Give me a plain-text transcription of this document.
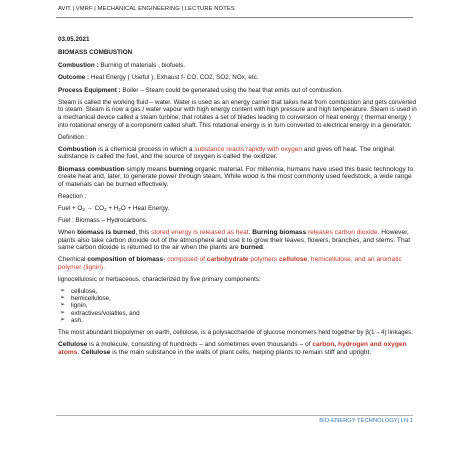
AVIT | VMRF | MECHANICAL ENGINEERING | LECTURE NOTES
03.05.2021
BIOMASS COMBUSTION
Combustion : Burning of materials , biofuels.
Outcome : Heat Energy ( Useful ), Exhaust f- CO, CO2, SO2, NOx, etc.
Process Equipment : Boiler – Steam could be generated using the heat that emits out of combustion.
Steam is called the working fluid – water. Water is used as an energy carrier that takes heat from combustion and gets converted to steam. Steam is now a gas / water vapour with high energy content with high pressure and high temperature. Steam is used in a mechanical device called a steam turbine, that rotates a set of blades leading to conversion of heat energy ( thermal energy ) into rotational energy of a component called shaft. This rotational energy is in turn converted to electrical energy in a generator.
Definition :
Combustion is a chemical process in which a substance reacts rapidly with oxygen and gives off heat. The original substance is called the fuel, and the source of oxygen is called the oxidizer.
Biomass combustion simply means burning organic material. For millennia, humans have used this basic technology to create heat and, later, to generate power through steam. While wood is the most commonly used feedstock, a wide range of materials can be burned effectively.
Reaction :
Fuel + $O_2 \to CO_2 + H_2O$ + Heat Energy.
Fuel : Biomass – Hydrocarbons.
When biomass is burned, this stored energy is released as heat. Burning biomass releases carbon dioxide. However, plants also take carbon dioxide out of the atmosphere and use it to grow their leaves, flowers, branches, and stems. That same carbon dioxide is returned to the air when the plants are burned.
Chemical composition of biomass- composed of carbohydrate polymers cellulose, hemicellulose, and an aromatic polymer (lignin).
lignocellulosic or herbaceous, characterized by five primary components:
➢ cellulose,
➢ hemicellulose,
➢ lignin,
➢ extractives/volatiles, and
➢ ash.
The most abundant biopolymer on earth, cellulose, is a polysaccharide of glucose monomers held together by β(1→4) linkages.
Cellulose is a molecule, consisting of hundreds – and sometimes even thousands – of carbon, hydrogen and oxygen atoms. Cellulose is the main substance in the walls of plant cells, helping plants to remain stiff and upright.
BIO-ENERGY TECHNOLOGY| LN 1
